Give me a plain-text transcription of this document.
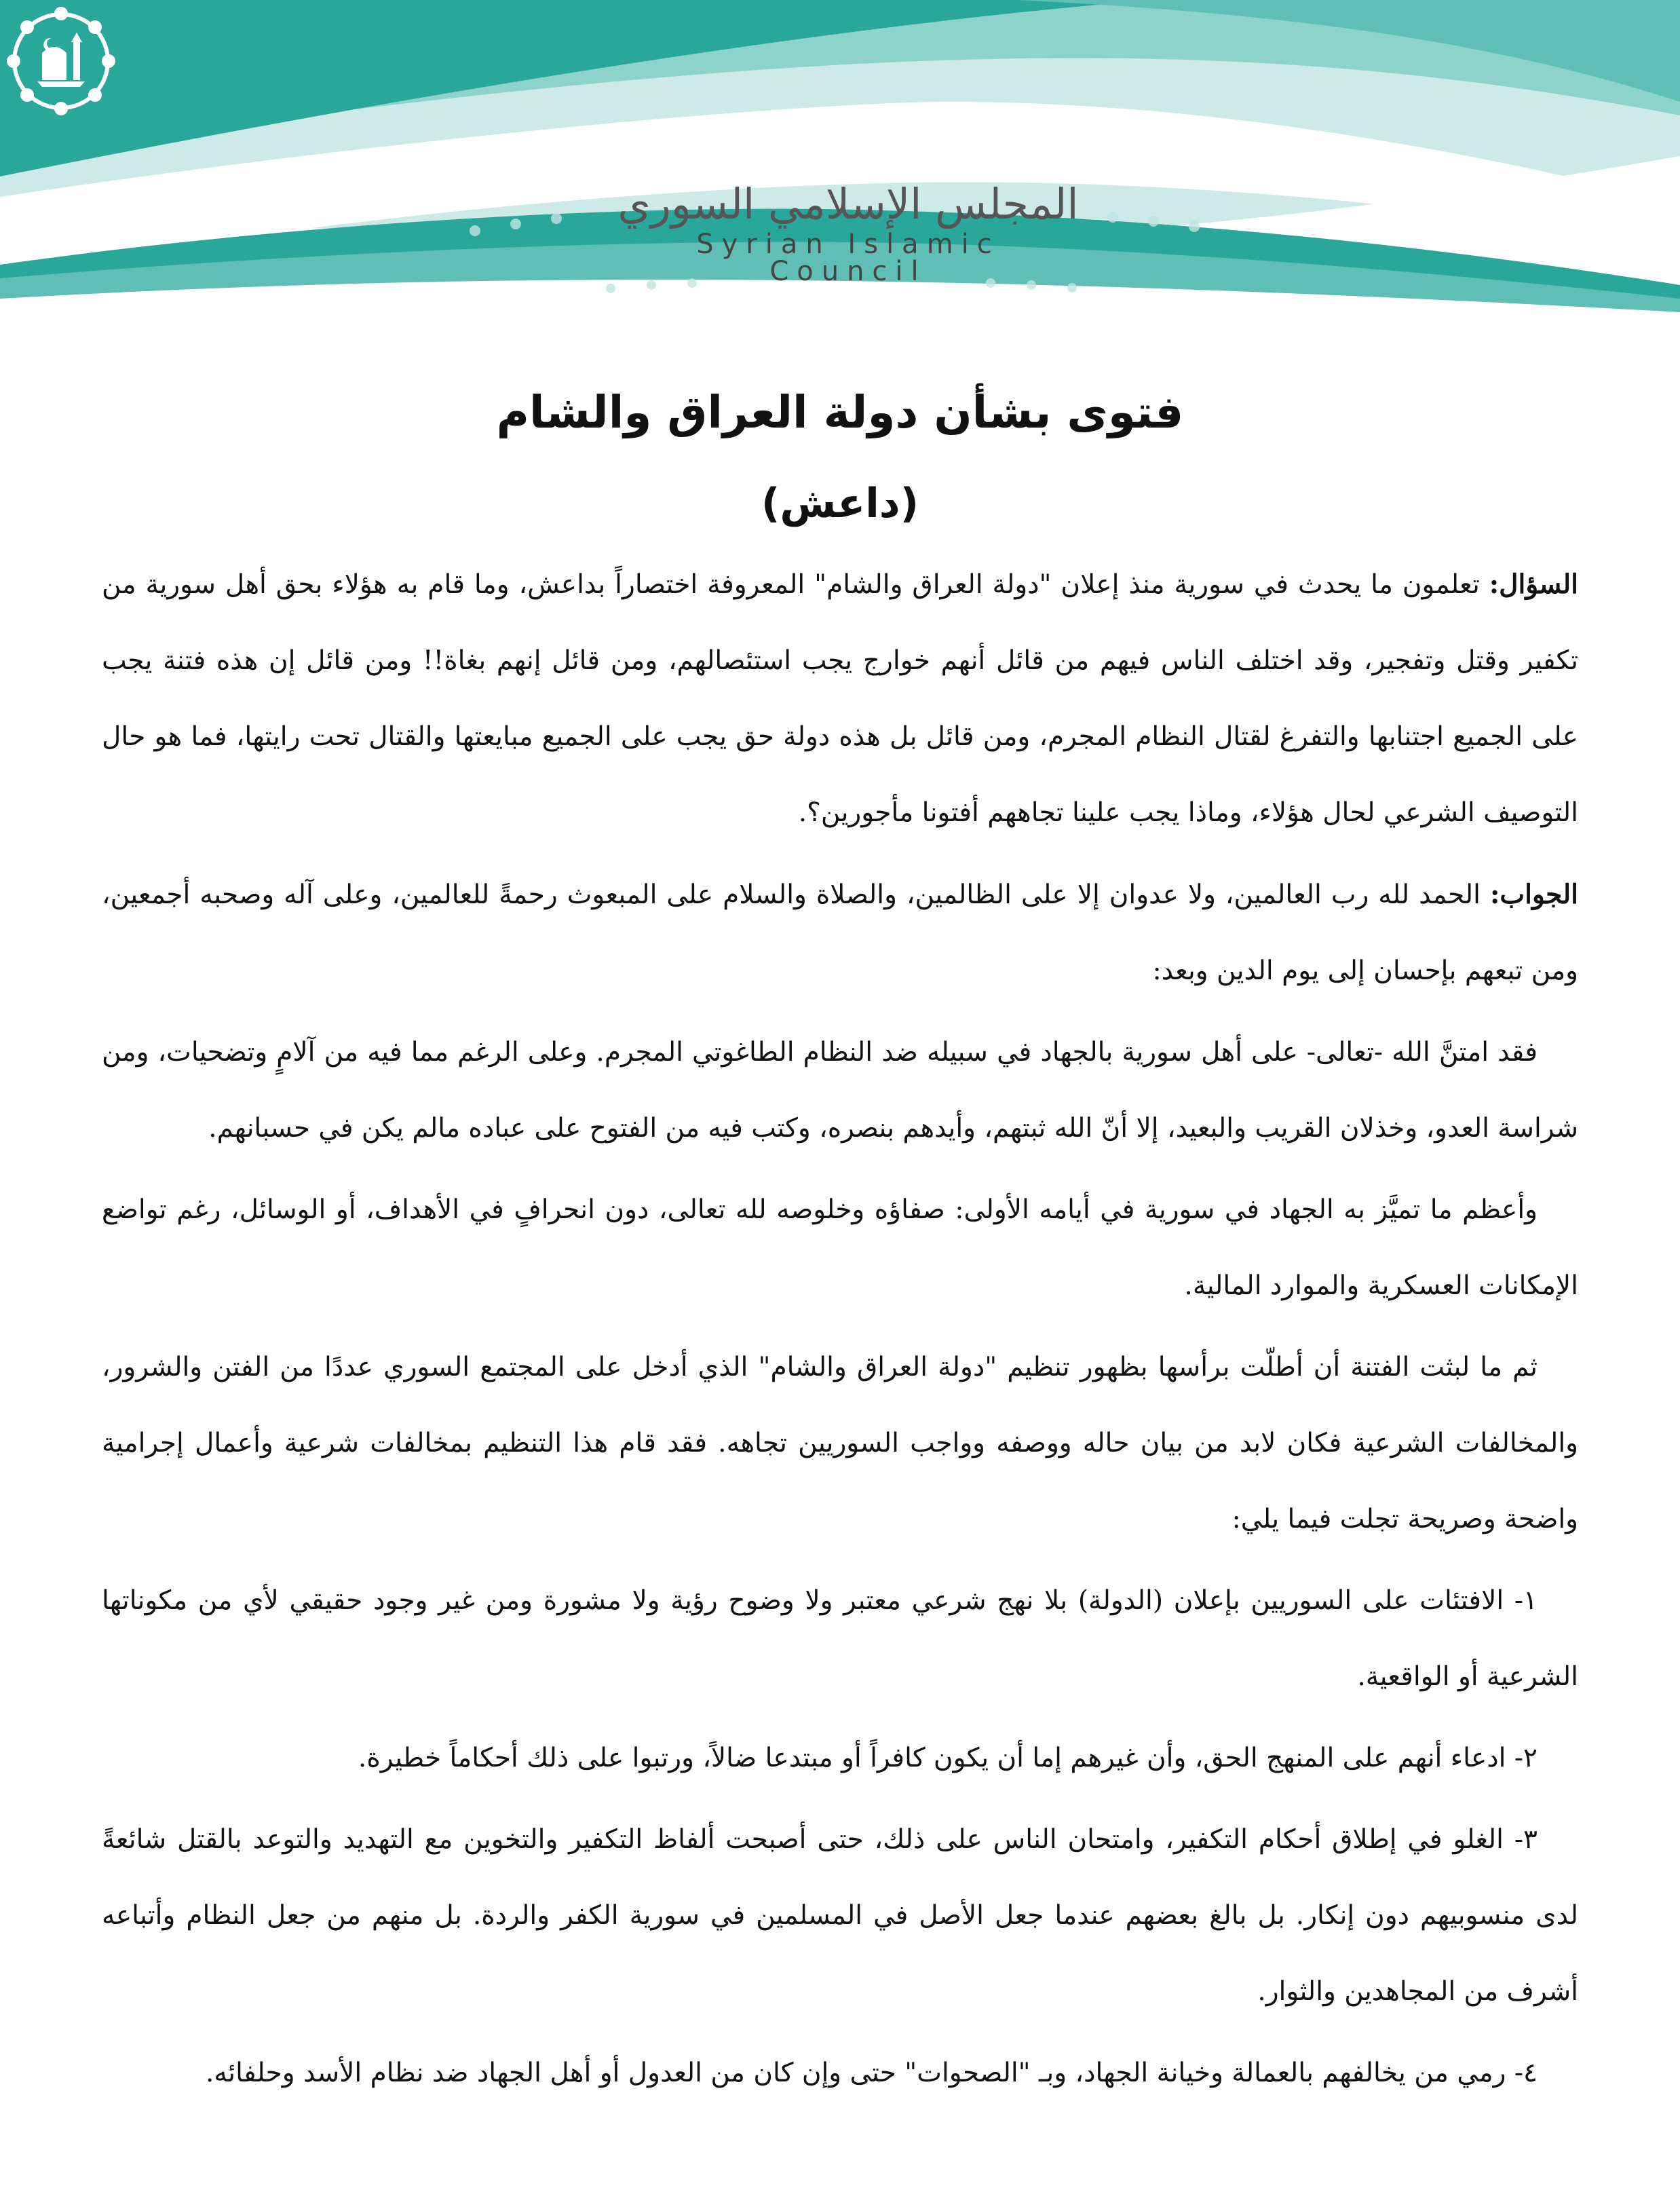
المجلس الإسلامي السوري
Syrian Islamic Council
فتوى بشأن دولة العراق والشام
(داعش)

السؤال: تعلمون ما يحدث في سورية منذ إعلان "دولة العراق والشام" المعروفة اختصاراً بداعش، وما قام به هؤلاء بحق أهل سورية من تكفير وقتل وتفجير، وقد اختلف الناس فيهم من قائل أنهم خوارج يجب استئصالهم، ومن قائل إنهم بغاة!! ومن قائل إن هذه فتنة يجب على الجميع اجتنابها والتفرغ لقتال النظام المجرم، ومن قائل بل هذه دولة حق يجب على الجميع مبايعتها والقتال تحت رايتها، فما هو حال التوصيف الشرعي لحال هؤلاء، وماذا يجب علينا تجاههم أفتونا مأجورين؟.

الجواب: الحمد لله رب العالمين، ولا عدوان إلا على الظالمين، والصلاة والسلام على المبعوث رحمةً للعالمين، وعلى آله وصحبه أجمعين، ومن تبعهم بإحسان إلى يوم الدين وبعد:

فقد امتنَّ الله -تعالى- على أهل سورية بالجهاد في سبيله ضد النظام الطاغوتي المجرم. وعلى الرغم مما فيه من آلامٍ وتضحيات، ومن شراسة العدو، وخذلان القريب والبعيد، إلا أنّ الله ثبتهم، وأيدهم بنصره، وكتب فيه من الفتوح على عباده مالم يكن في حسبانهم.

وأعظم ما تميَّز به الجهاد في سورية في أيامه الأولى: صفاؤه وخلوصه لله تعالى، دون انحرافٍ في الأهداف، أو الوسائل، رغم تواضع الإمكانات العسكرية والموارد المالية.

ثم ما لبثت الفتنة أن أطلّت برأسها بظهور تنظيم "دولة العراق والشام" الذي أدخل على المجتمع السوري عددًا من الفتن والشرور، والمخالفات الشرعية فكان لابد من بيان حاله ووصفه وواجب السوريين تجاهه. فقد قام هذا التنظيم بمخالفات شرعية وأعمال إجرامية واضحة وصريحة تجلت فيما يلي:

١- الافتئات على السوريين بإعلان (الدولة) بلا نهج شرعي معتبر ولا وضوح رؤية ولا مشورة ومن غير وجود حقيقي لأي من مكوناتها الشرعية أو الواقعية.

٢- ادعاء أنهم على المنهج الحق، وأن غيرهم إما أن يكون كافراً أو مبتدعا ضالاً، ورتبوا على ذلك أحكاماً خطيرة.

٣- الغلو في إطلاق أحكام التكفير، وامتحان الناس على ذلك، حتى أصبحت ألفاظ التكفير والتخوين مع التهديد والتوعد بالقتل شائعةً لدى منسوبيهم دون إنكار. بل بالغ بعضهم عندما جعل الأصل في المسلمين في سورية الكفر والردة. بل منهم من جعل النظام وأتباعه أشرف من المجاهدين والثوار.

٤- رمي من يخالفهم بالعمالة وخيانة الجهاد، وبـ "الصحوات" حتى وإن كان من العدول أو أهل الجهاد ضد نظام الأسد وحلفائه.
